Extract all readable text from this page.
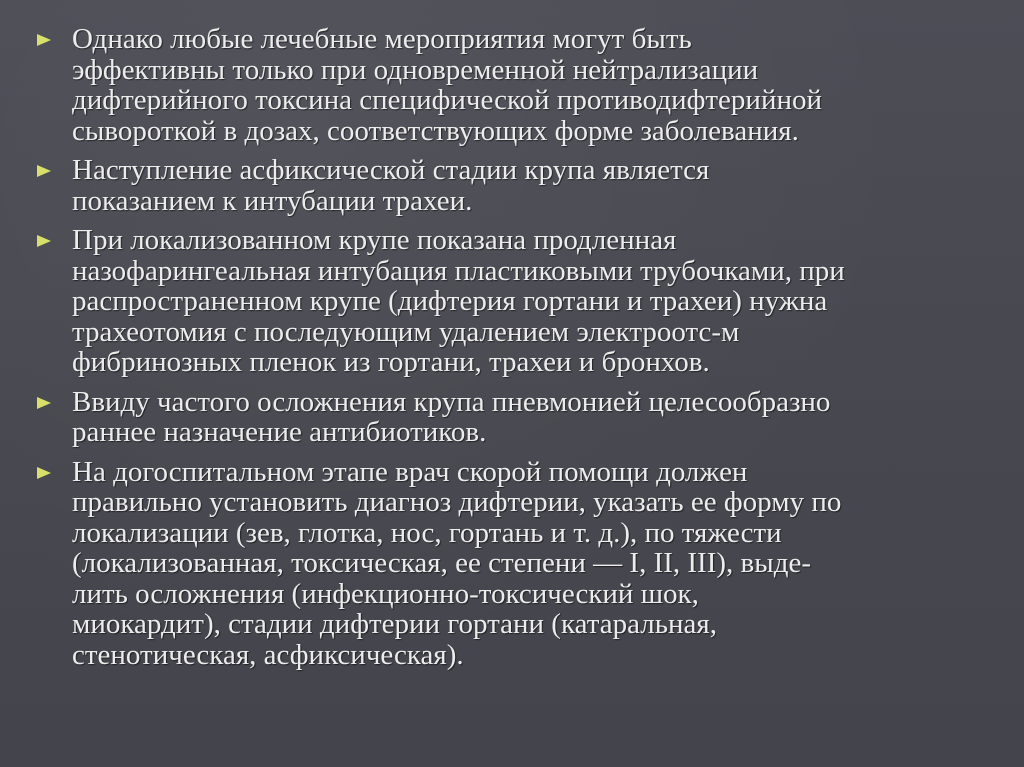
Однако любые лечебные мероприятия могут быть
эффективны только при одновременной нейтрализации
дифтерийного токсина специфической противодифтерийной
сывороткой в дозах, соответствующих форме заболевания.

Наступление асфиксической стадии крупа является
показанием к интубации трахеи.

При локализованном крупе показана продленная
назофарингеальная интубация пластиковыми трубочками, при
распространенном крупе (дифтерия гортани и трахеи) нужна
трахеотомия с последующим удалением электроотс-м
фибринозных пленок из гортани, трахеи и бронхов.

Ввиду частого осложнения крупа пневмонией целесообразно
раннее назначение антибиотиков.

На догоспитальном этапе врач скорой помощи должен
правильно установить диагноз дифтерии, указать ее форму по
локализации (зев, глотка, нос, гортань и т. д.), по тяжести
(локализованная, токсическая, ее степени — I, II, III), выде-
лить осложнения (инфекционно-токсический шок,
миокардит), стадии дифтерии гортани (катаральная,
стенотическая, асфиксическая).
